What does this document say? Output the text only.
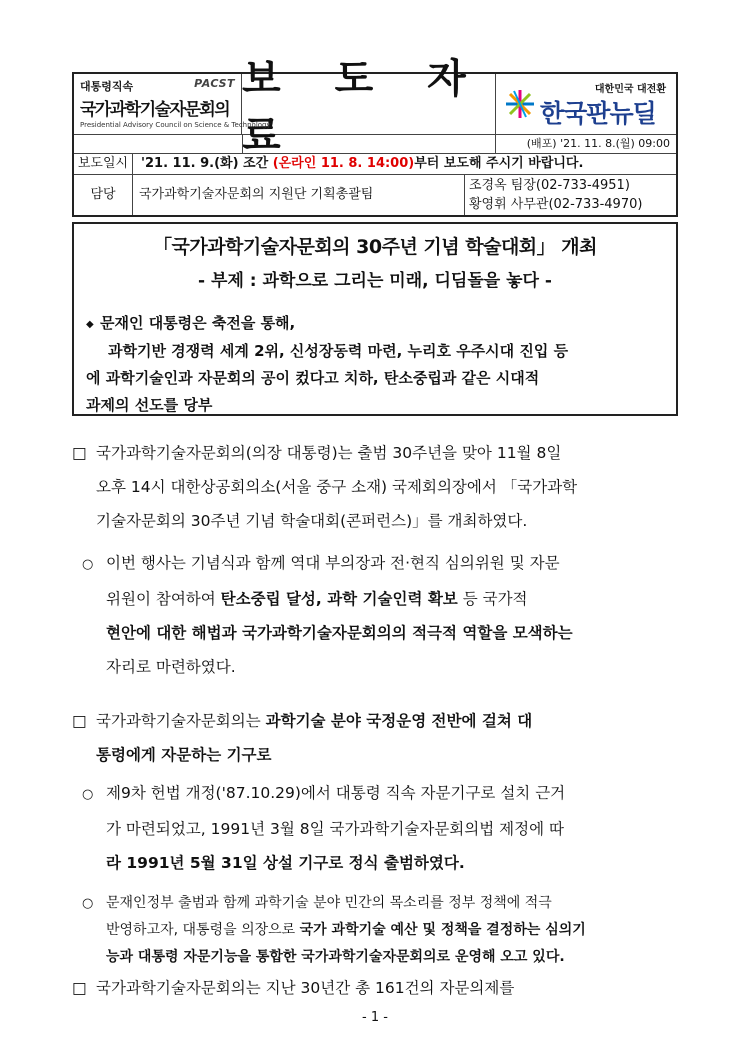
대통령직속
국가과학기술자문회의
Presidential Advisory Council on Science & Technology
PACST 보 도 자 료
대한민국 대전환
한국판뉴딜
(배포) '21. 11. 8.(월) 09:00
보도일시 '21. 11. 9.(화) 조간 (온라인 11. 8. 14:00)부터 보도해 주시기 바랍니다.
담당	국가과학기술자문회의 지원단 기획총괄팀
조경옥 팀장(02-733-4951)
황영휘 사무관(02-733-4970)
「국가과학기술자문회의 30주년 기념 학술대회」 개최
- 부제 : 과학으로 그리는 미래, 디딤돌을 놓다 -
◆ 문재인 대통령은 축전을 통해,
과학기반 경쟁력 세계 2위, 신성장동력 마련, 누리호 우주시대 진입 등
에 과학기술인과 자문회의 공이 컸다고 치하, 탄소중립과 같은 시대적
과제의 선도를 당부
□ 국가과학기술자문회의(의장 대통령)는 출범 30주년을 맞아 11월 8일
오후 14시 대한상공회의소(서울 중구 소재) 국제회의장에서 「국가과학
기술자문회의 30주년 기념 학술대회(콘퍼런스)」를 개최하였다.
○ 이번 행사는 기념식과 함께 역대 부의장과 전·현직 심의위원 및 자문
위원이 참여하여 탄소중립 달성, 과학 기술인력 확보 등 국가적
현안에 대한 해법과 국가과학기술자문회의의 적극적 역할을 모색하는
자리로 마련하였다.
□ 국가과학기술자문회의는 과학기술 분야 국정운영 전반에 걸쳐 대
통령에게 자문하는 기구로
○ 제9차 헌법 개정('87.10.29)에서 대통령 직속 자문기구로 설치 근거
가 마련되었고, 1991년 3월 8일 국가과학기술자문회의법 제정에 따
라 1991년 5월 31일 상설 기구로 정식 출범하였다.
○ 문재인정부 출범과 함께 과학기술 분야 민간의 목소리를 정부 정책에 적극
반영하고자, 대통령을 의장으로 국가 과학기술 예산 및 정책을 결정하는 심의기
능과 대통령 자문기능을 통합한 국가과학기술자문회의로 운영해 오고 있다.
□ 국가과학기술자문회의는 지난 30년간 총 161건의 자문의제를
- 1 -
